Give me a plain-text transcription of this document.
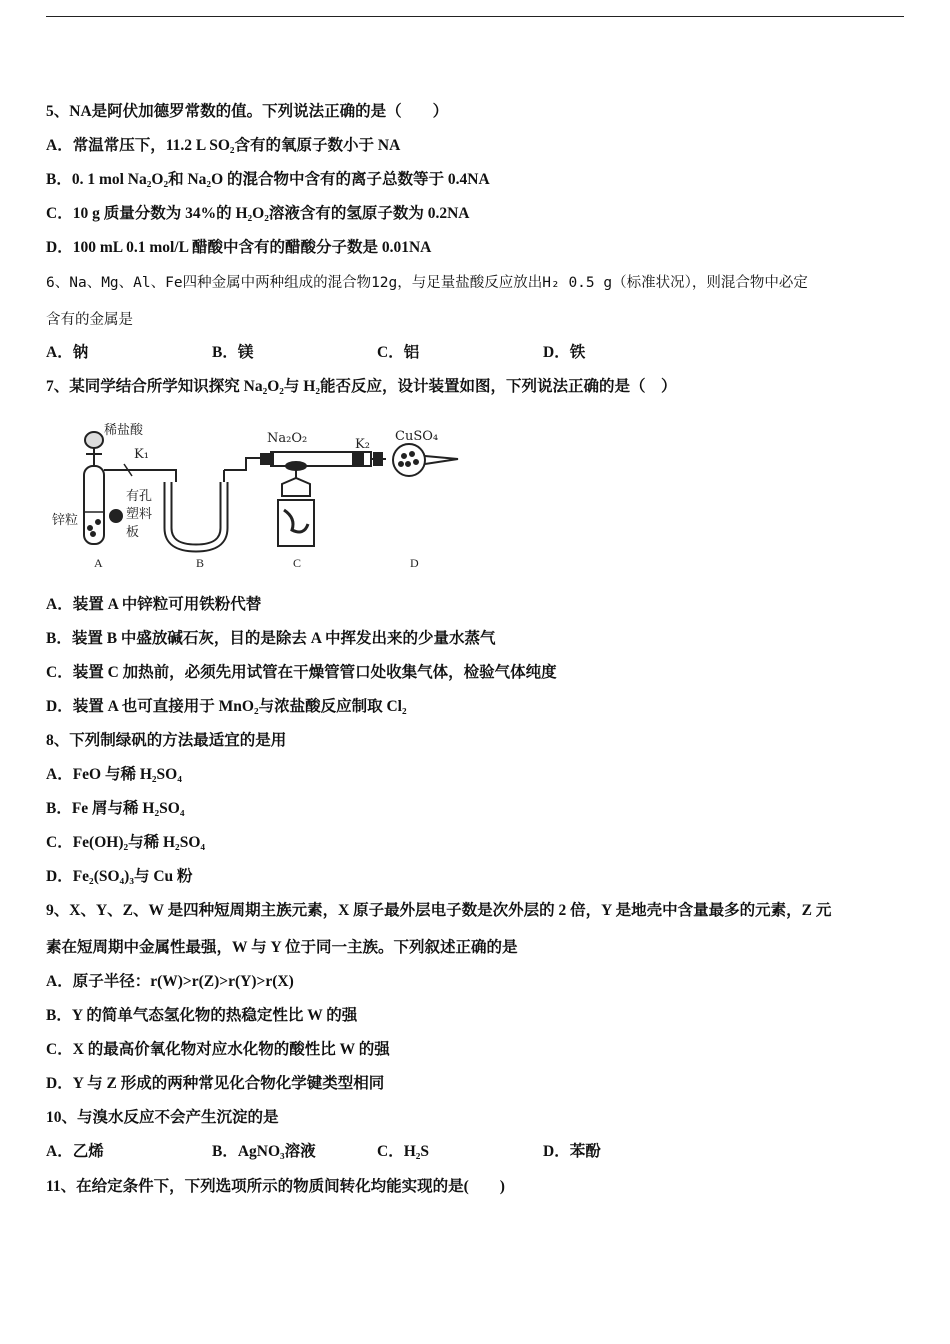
5、NA是阿伏加德罗常数的值。下列说法正确的是（　　）
A．常温常压下，11.2 L SO₂含有的氧原子数小于 NA
B．0. 1 mol Na₂O₂和 Na₂O 的混合物中含有的离子总数等于 0.4NA
C．10 g 质量分数为 34%的 H₂O₂溶液含有的氢原子数为 0.2NA
D．100 mL 0.1 mol/L 醋酸中含有的醋酸分子数是 0.01NA
6、Na、Mg、Al、Fe四种金属中两种组成的混合物12g，与足量盐酸反应放出H₂ 0.5 g（标准状况），则混合物中必定
含有的金属是
A．钠	B．镁	C．铝	D．铁
7、某同学结合所学知识探究 Na₂O₂与 H₂能否反应，设计装置如图，下列说法正确的是（　）
稀盐酸
K₁
Na₂O₂	K₂
CuSO₄
锌粒
有孔
塑料
板
A	B	C	D
A．装置 A 中锌粒可用铁粉代替
B．装置 B 中盛放碱石灰，目的是除去 A 中挥发出来的少量水蒸气
C．装置 C 加热前，必须先用试管在干燥管管口处收集气体，检验气体纯度
D．装置 A 也可直接用于 MnO₂与浓盐酸反应制取 Cl₂
8、下列制绿矾的方法最适宜的是用
A．FeO 与稀 H₂SO₄
B．Fe 屑与稀 H₂SO₄
C．Fe(OH)₂与稀 H₂SO₄
D．Fe₂(SO₄)₃与 Cu 粉
9、X、Y、Z、W 是四种短周期主族元素，X 原子最外层电子数是次外层的 2 倍，Y 是地壳中含量最多的元素，Z 元
素在短周期中金属性最强，W 与 Y 位于同一主族。下列叙述正确的是
A．原子半径：r(W)>r(Z)>r(Y)>r(X)
B．Y 的简单气态氢化物的热稳定性比 W 的强
C．X 的最高价氧化物对应水化物的酸性比 W 的强
D．Y 与 Z 形成的两种常见化合物化学键类型相同
10、与溴水反应不会产生沉淀的是
A．乙烯	B．AgNO₃溶液	C．H₂S	D．苯酚
11、在给定条件下，下列选项所示的物质间转化均能实现的是(　　)
